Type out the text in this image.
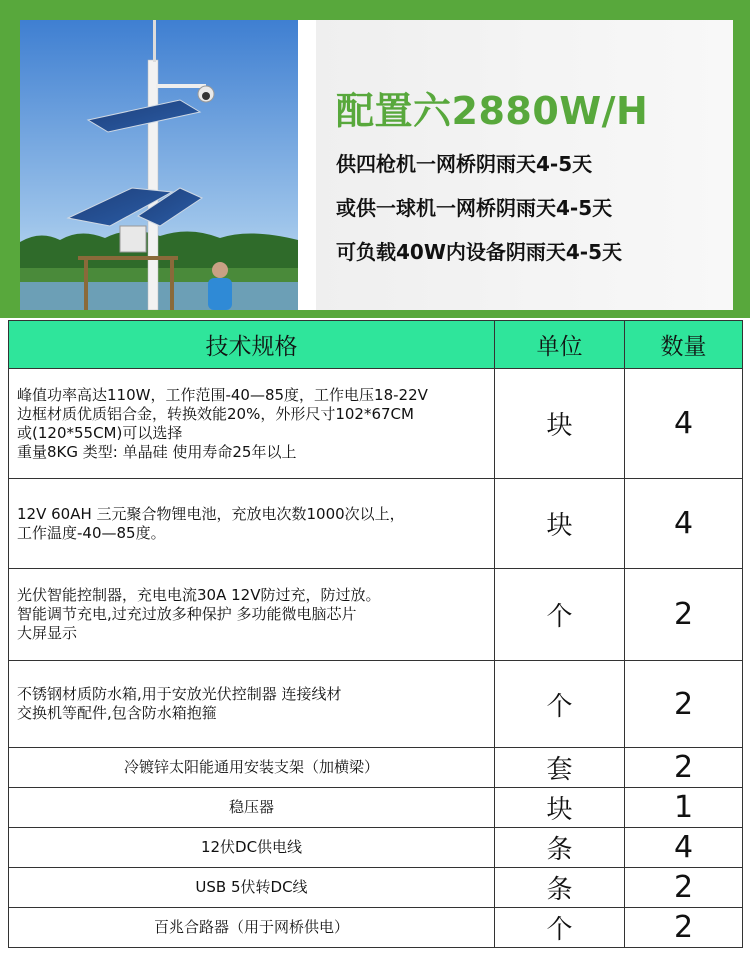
配置六2880W/H
供四枪机一网桥阴雨天4-5天
或供一球机一网桥阴雨天4-5天
可负载40W内设备阴雨天4-5天
技术规格	单位	数量

峰值功率高达110W，工作范围-40—85度，工作电压18-22V
边框材质优质铝合金，转换效能20%，外形尺寸102*67CM
或(120*55CM)可以选择
重量8KG 类型: 单晶硅 使用寿命25年以上	块	4

12V 60AH 三元聚合物锂电池，充放电次数1000次以上，
工作温度-40—85度。	块	4

光伏智能控制器，充电电流30A 12V防过充，防过放。
智能调节充电,过充过放多种保护 多功能微电脑芯片
大屏显示	个	2

不锈钢材质防水箱,用于安放光伏控制器 连接线材
交换机等配件,包含防水箱抱箍	个	2
冷镀锌太阳能通用安装支架（加横梁）	套	2
稳压器	块	1
12伏DC供电线	条	4
USB 5伏转DC线	条	2
百兆合路器（用于网桥供电）	个	2
